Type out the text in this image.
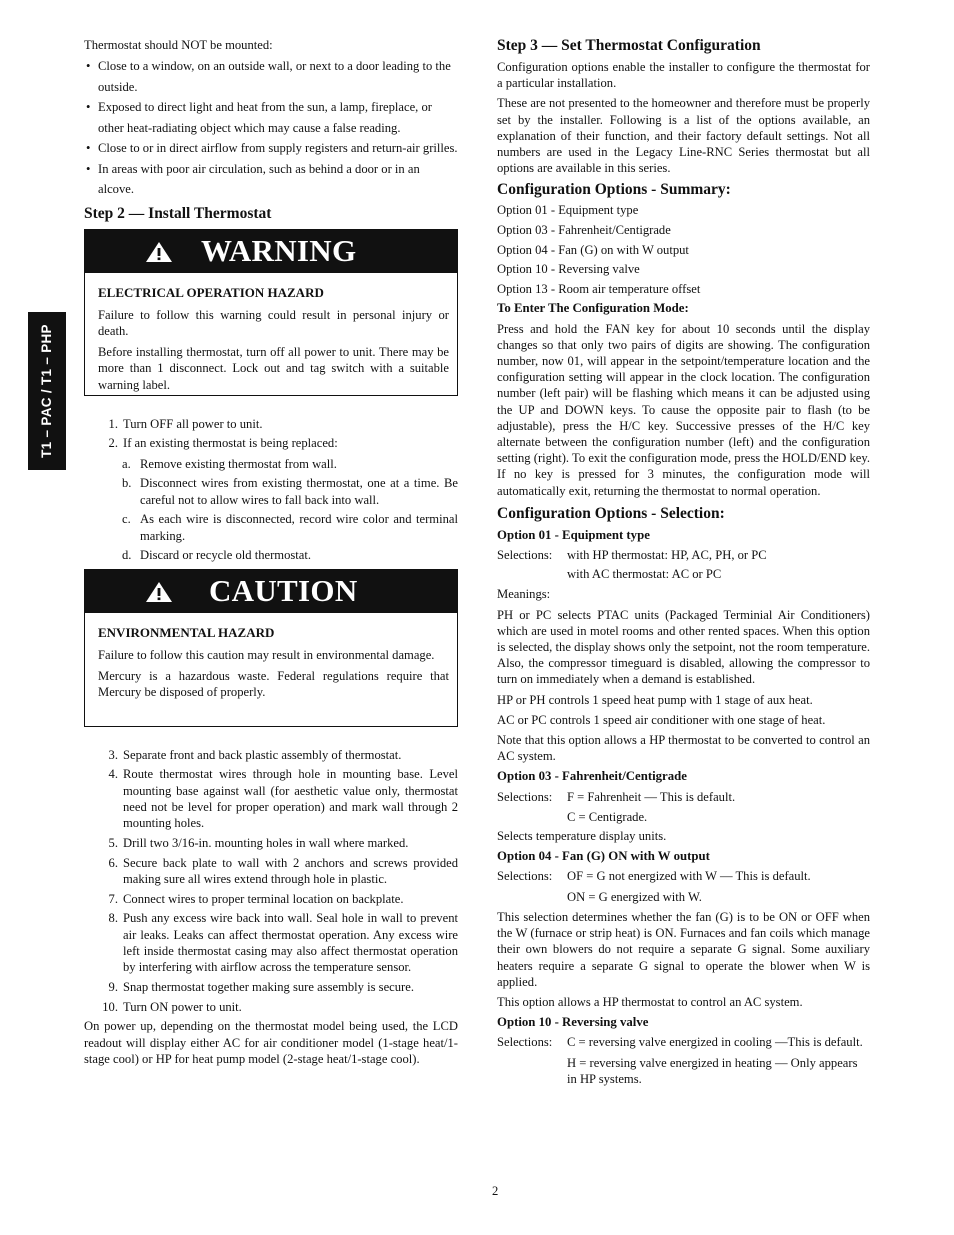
T1 – PAC / T1 – PHP

Thermostat should NOT be mounted:

• Close to a window, on an outside wall, or next to a door leading to the outside.
• Exposed to direct light and heat from the sun, a lamp, fireplace, or other heat-radiating object which may cause a false reading.
• Close to or in direct airflow from supply registers and return-air grilles.
• In areas with poor air circulation, such as behind a door or in an alcove.

Step 2 — Install Thermostat

WARNING

ELECTRICAL OPERATION HAZARD

Failure to follow this warning could result in personal injury or death.

Before installing thermostat, turn off all power to unit. There may be more than 1 disconnect. Lock out and tag switch with a suitable warning label.

1. Turn OFF all power to unit.
2. If an existing thermostat is being replaced:
a. Remove existing thermostat from wall.
b. Disconnect wires from existing thermostat, one at a time. Be careful not to allow wires to fall back into wall.
c. As each wire is disconnected, record wire color and terminal marking.
d. Discard or recycle old thermostat.
CAUTION

ENVIRONMENTAL HAZARD

Failure to follow this caution may result in environmental damage.

Mercury is a hazardous waste. Federal regulations require that Mercury be disposed of properly.

3. Separate front and back plastic assembly of thermostat.
4. Route thermostat wires through hole in mounting base. Level mounting base against wall (for aesthetic value only, thermostat need not be level for proper operation) and mark wall through 2 mounting holes.
5. Drill two 3/16-in. mounting holes in wall where marked.
6. Secure back plate to wall with 2 anchors and screws provided making sure all wires extend through hole in plastic.
7. Connect wires to proper terminal location on backplate.
8. Push any excess wire back into wall. Seal hole in wall to prevent air leaks. Leaks can affect thermostat operation. Any excess wire left inside thermostat casing may also affect thermostat operation by interfering with airflow across the temperature sensor.
9. Snap thermostat together making sure assembly is secure.
10. Turn ON power to unit.

On power up, depending on the thermostat model being used, the LCD readout will display either AC for air conditioner model (1-stage heat/1-stage cool) or HP for heat pump model (2-stage heat/1-stage cool).

Step 3 — Set Thermostat Configuration

Configuration options enable the installer to configure the thermostat for a particular installation.

These are not presented to the homeowner and therefore must be properly set by the installer. Following is a list of the options available, an explanation of their function, and their factory default settings. Not all numbers are used in the Legacy Line-RNC Series thermostat but all options are available in this series.

Configuration Options - Summary:

Option 01 - Equipment type

Option 03 - Fahrenheit/Centigrade

Option 04 - Fan (G) on with W output

Option 10 - Reversing valve

Option 13 - Room air temperature offset

To Enter The Configuration Mode:

Press and hold the FAN key for about 10 seconds until the display changes so that only two pairs of digits are showing. The configuration number, now 01, will appear in the setpoint/temperature location and the configuration setting will appear in the clock location. The configuration number (left pair) will be flashing which means it can be adjusted using the UP and DOWN keys. To cause the opposite pair to flash (to be adjustable), press the H/C key. Successive presses of the H/C key alternate between the configuration number (left) and the configuration setting (right). To exit the configuration mode, press the HOLD/END key. If no key is pressed for 3 minutes, the configuration mode will automatically exit, returning the thermostat to normal operation.

Configuration Options - Selection:

Option 01 - Equipment type

Selections:	with HP thermostat: HP, AC, PH, or PC

with AC thermostat: AC or PC

Meanings:

PH or PC selects PTAC units (Packaged Terminial Air Conditioners) which are used in motel rooms and other rented spaces. When this option is selected, the display shows only the setpoint, not the room temperature. Also, the compressor timeguard is disabled, allowing the compressor to turn on immediately when a demand is established.

HP or PH controls 1 speed heat pump with 1 stage of aux heat.

AC or PC controls 1 speed air conditioner with one stage of heat.

Note that this option allows a HP thermostat to be converted to control an AC system.

Option 03 - Fahrenheit/Centigrade

Selections:	F = Fahrenheit — This is default.

C = Centigrade.

Selects temperature display units.

Option 04 - Fan (G) ON with W output

Selections:	OF = G not energized with W — This is default.

ON = G energized with W.

This selection determines whether the fan (G) is to be ON or OFF when the W (furnace or strip heat) is ON. Furnaces and fan coils which manage their own blowers do not require a separate G signal. Some auxiliary heaters require a separate G signal to operate the blower when W is applied.

This option allows a HP thermostat to control an AC system.

Option 10 - Reversing valve

Selections:	C = reversing valve energized in cooling —This is default.

H = reversing valve energized in heating — Only appears in HP systems.

2
